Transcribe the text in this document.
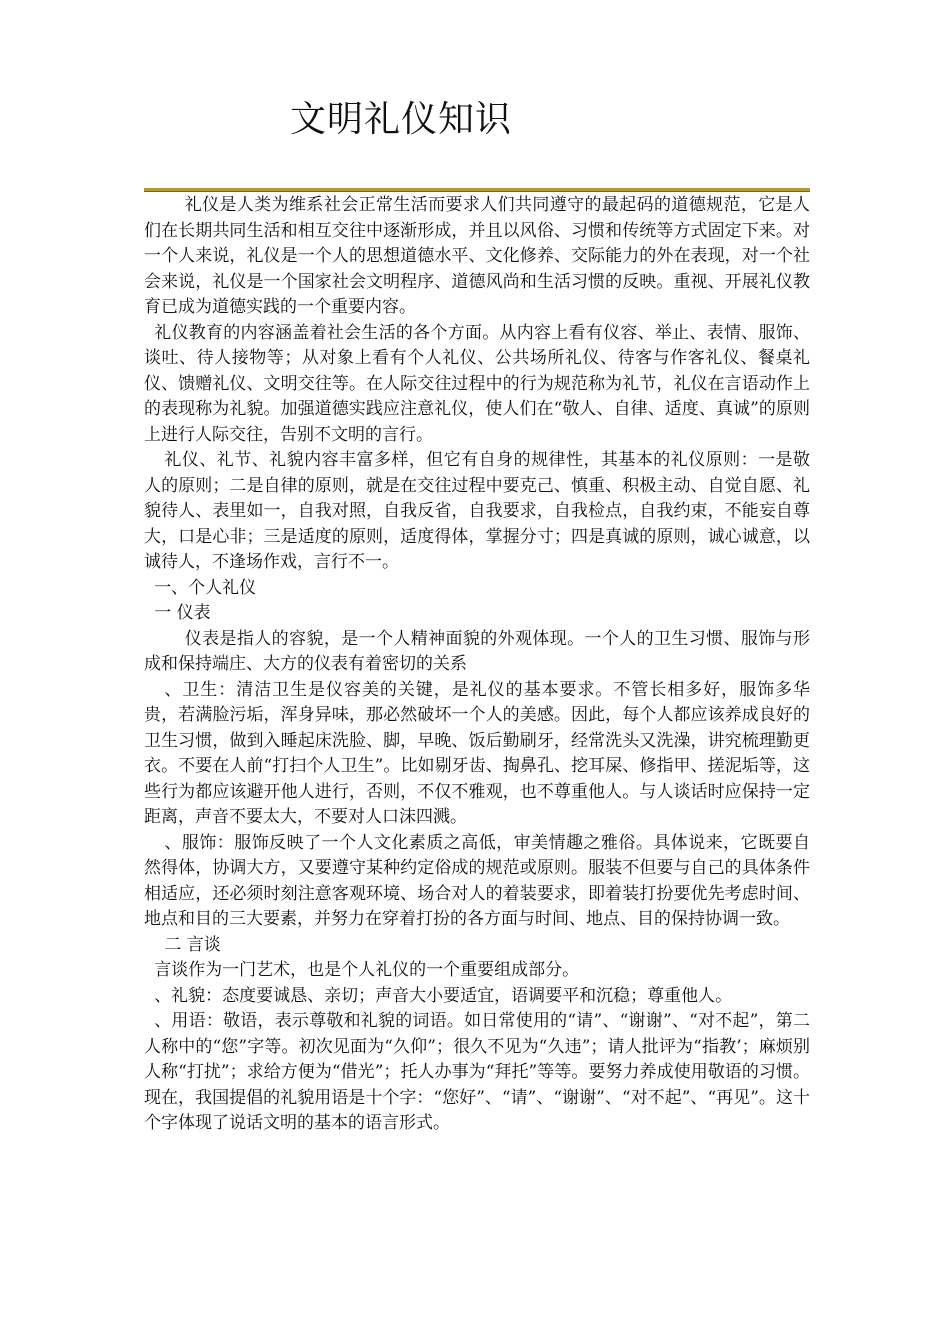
文明礼仪知识

礼仪是人类为维系社会正常生活而要求人们共同遵守的最起码的道德规范，它是人们在长期共同生活和相互交往中逐渐形成，并且以风俗、习惯和传统等方式固定下来。对一个人来说，礼仪是一个人的思想道德水平、文化修养、交际能力的外在表现，对一个社会来说，礼仪是一个国家社会文明程序、道德风尚和生活习惯的反映。重视、开展礼仪教育已成为道德实践的一个重要内容。

礼仪教育的内容涵盖着社会生活的各个方面。从内容上看有仪容、举止、表情、服饰、谈吐、待人接物等；从对象上看有个人礼仪、公共场所礼仪、待客与作客礼仪、餐桌礼仪、馈赠礼仪、文明交往等。在人际交往过程中的行为规范称为礼节，礼仪在言语动作上的表现称为礼貌。加强道德实践应注意礼仪，使人们在“敬人、自律、适度、真诚”的原则上进行人际交往，告别不文明的言行。

礼仪、礼节、礼貌内容丰富多样，但它有自身的规律性，其基本的礼仪原则：一是敬人的原则；二是自律的原则，就是在交往过程中要克己、慎重、积极主动、自觉自愿、礼貌待人、表里如一，自我对照，自我反省，自我要求，自我检点，自我约束，不能妄自尊大，口是心非；三是适度的原则，适度得体，掌握分寸；四是真诚的原则，诚心诚意，以诚待人，不逢场作戏，言行不一。

一、个人礼仪

一 仪表

仪表是指人的容貌，是一个人精神面貌的外观体现。一个人的卫生习惯、服饰与形成和保持端庄、大方的仪表有着密切的关系

、卫生：清洁卫生是仪容美的关键，是礼仪的基本要求。不管长相多好，服饰多华贵，若满脸污垢，浑身异味，那必然破坏一个人的美感。因此，每个人都应该养成良好的卫生习惯，做到入睡起床洗脸、脚，早晚、饭后勤刷牙，经常洗头又洗澡，讲究梳理勤更衣。不要在人前“打扫个人卫生”。比如剔牙齿、掏鼻孔、挖耳屎、修指甲、搓泥垢等，这些行为都应该避开他人进行，否则，不仅不雅观，也不尊重他人。与人谈话时应保持一定距离，声音不要太大，不要对人口沫四溅。

、服饰：服饰反映了一个人文化素质之高低，审美情趣之雅俗。具体说来，它既要自然得体，协调大方，又要遵守某种约定俗成的规范或原则。服装不但要与自己的具体条件相适应，还必须时刻注意客观环境、场合对人的着装要求，即着装打扮要优先考虑时间、地点和目的三大要素，并努力在穿着打扮的各方面与时间、地点、目的保持协调一致。

二 言谈

言谈作为一门艺术，也是个人礼仪的一个重要组成部分。

、礼貌：态度要诚恳、亲切；声音大小要适宜，语调要平和沉稳；尊重他人。

、用语：敬语，表示尊敬和礼貌的词语。如日常使用的“请”、“谢谢”、“对不起”，第二人称中的“您”字等。初次见面为“久仰”；很久不见为“久违”；请人批评为“指教’；麻烦别人称“打扰”；求给方便为“借光”；托人办事为“拜托”等等。要努力养成使用敬语的习惯。现在，我国提倡的礼貌用语是十个字：“您好”、“请”、“谢谢”、“对不起”、“再见”。这十个字体现了说话文明的基本的语言形式。
